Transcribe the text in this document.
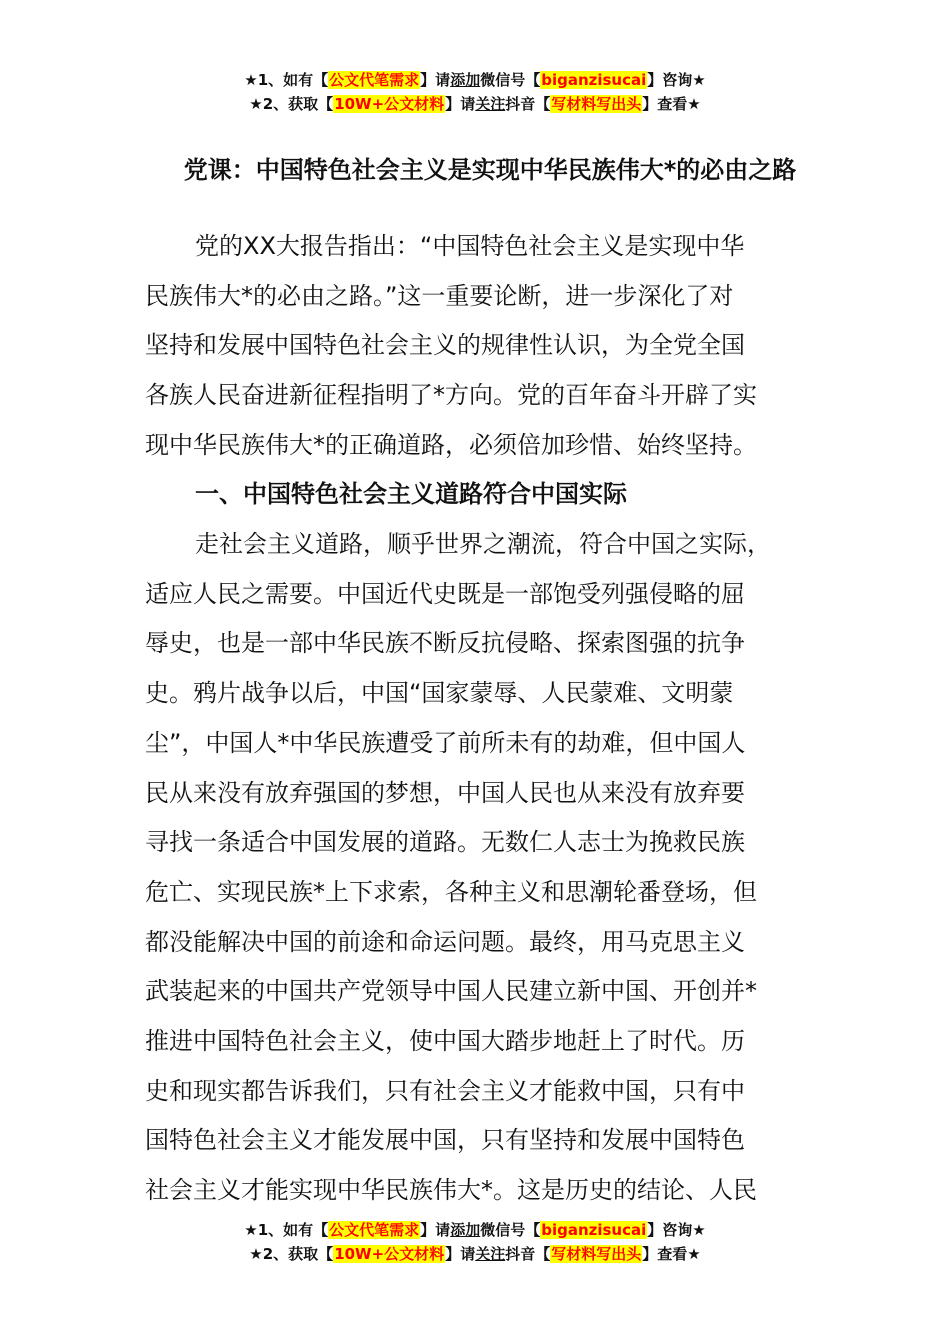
★1、如有【公文代笔需求】请添加微信号【biganzisucai】咨询★
★2、获取【10W+公文材料】请关注抖音【写材料写出头】查看★
党课：中国特色社会主义是实现中华民族伟大*的必由之路
党的XX大报告指出：“中国特色社会主义是实现中华
民族伟大*的必由之路。”这一重要论断，进一步深化了对
坚持和发展中国特色社会主义的规律性认识，为全党全国
各族人民奋进新征程指明了*方向。党的百年奋斗开辟了实
现中华民族伟大*的正确道路，必须倍加珍惜、始终坚持。
一、中国特色社会主义道路符合中国实际
走社会主义道路，顺乎世界之潮流，符合中国之实际，
适应人民之需要。中国近代史既是一部饱受列强侵略的屈
辱史，也是一部中华民族不断反抗侵略、探索图强的抗争
史。鸦片战争以后，中国“国家蒙辱、人民蒙难、文明蒙
尘”，中国人*中华民族遭受了前所未有的劫难，但中国人
民从来没有放弃强国的梦想，中国人民也从来没有放弃要
寻找一条适合中国发展的道路。无数仁人志士为挽救民族
危亡、实现民族*上下求索，各种主义和思潮轮番登场，但
都没能解决中国的前途和命运问题。最终，用马克思主义
武装起来的中国共产党领导中国人民建立新中国、开创并*
推进中国特色社会主义，使中国大踏步地赶上了时代。历
史和现实都告诉我们，只有社会主义才能救中国，只有中
国特色社会主义才能发展中国，只有坚持和发展中国特色
社会主义才能实现中华民族伟大*。这是历史的结论、人民
★1、如有【公文代笔需求】请添加微信号【biganzisucai】咨询★
★2、获取【10W+公文材料】请关注抖音【写材料写出头】查看★
